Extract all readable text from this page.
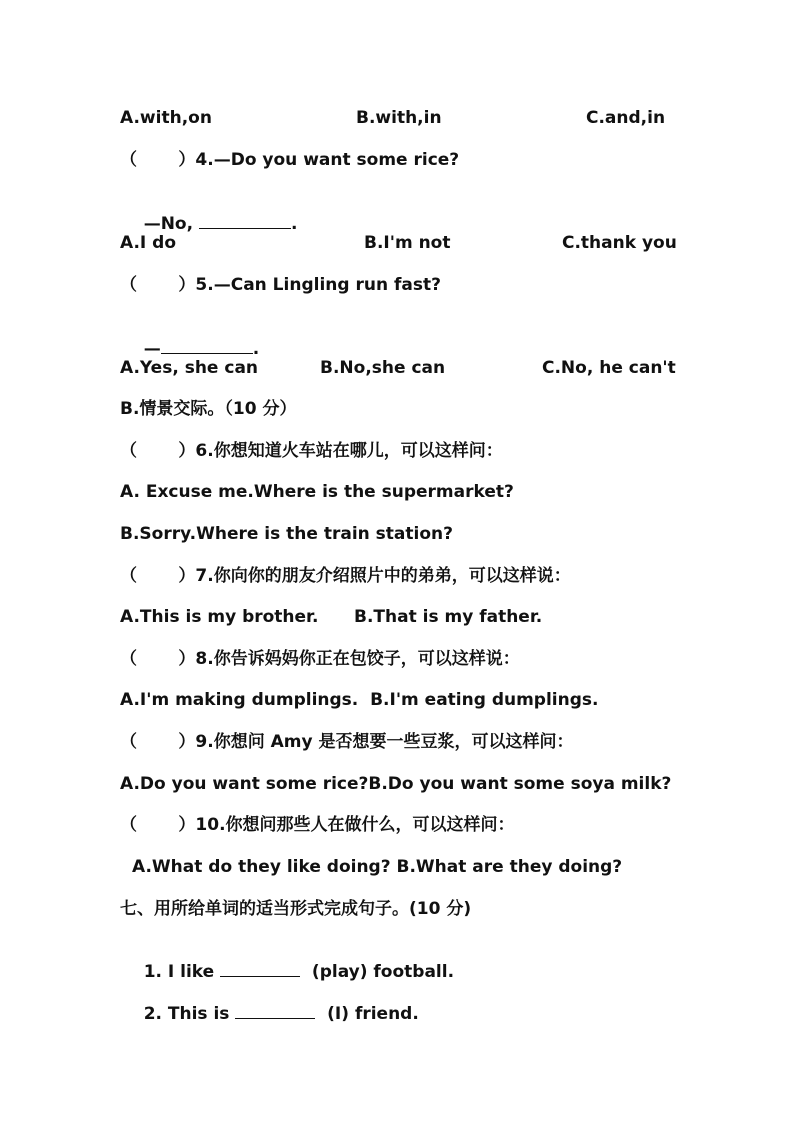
A.with,on	B.with,in	C.and,in
（       ）4.—Do you want some rice?

—No,	.

A.I do	B.I'm not	C.thank you
（       ）5.—Can Lingling run fast?

—	.

A.Yes, she can	B.No,she can	C.No, he can't
B.情景交际。（10 分）
（       ）6.你想知道火车站在哪儿，可以这样问：
A. Excuse me.Where is the supermarket?
B.Sorry.Where is the train station?
（       ）7.你向你的朋友介绍照片中的弟弟，可以这样说：
A.This is my brother.      B.That is my father.
（       ）8.你告诉妈妈你正在包饺子，可以这样说：
A.I'm making dumplings.  B.I'm eating dumplings.
（       ）9.你想问 Amy 是否想要一些豆浆，可以这样问：
A.Do you want some rice?B.Do you want some soya milk?
（       ）10.你想问那些人在做什么，可以这样问：
A.What do they like doing? B.What are they doing?
七、用所给单词的适当形式完成句子。(10 分)

1. I like	(play) football.

2. This is	(I) friend.
